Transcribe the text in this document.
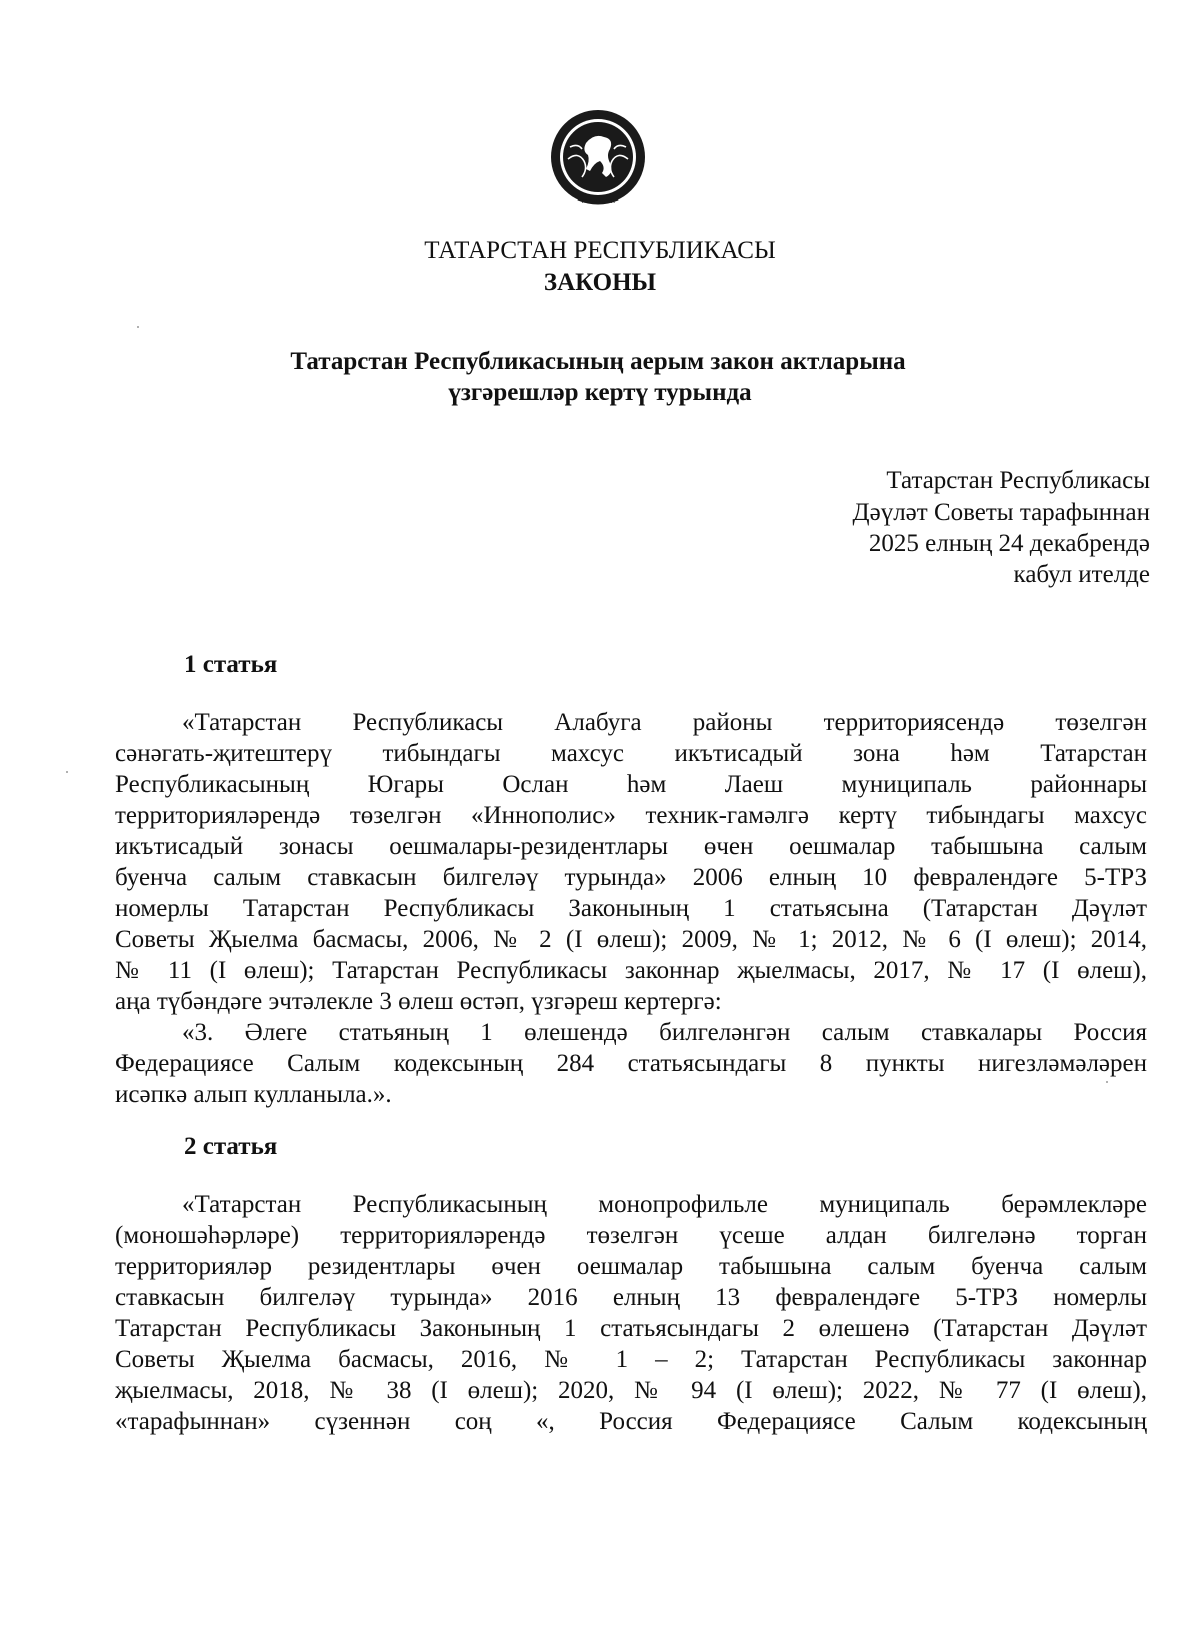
ТАТАРСТАН
ТАТАРСТАН РЕСПУБЛИКАСЫ
ЗАКОНЫ
Татарстан Республикасының аерым закон актларына
үзгәрешләр кертү турында
Татарстан Республикасы
Дәүләт Советы тарафыннан
2025 елның 24 декабрендә
кабул ителде
1 статья
«Татарстан Республикасы Алабуга районы территориясендә төзелгән
сәнәгать-җитештерү тибындагы махсус икътисадый зона һәм Татарстан
Республикасының Югары Ослан һәм Лаеш муниципаль районнары
территорияләрендә төзелгән «Иннополис» техник-гамәлгә кертү тибындагы махсус
икътисадый зонасы оешмалары-резидентлары өчен оешмалар табышына салым
буенча салым ставкасын билгеләү турында» 2006 елның 10 февралендәге 5-ТРЗ
номерлы Татарстан Республикасы Законының 1 статьясына (Татарстан Дәүләт
Советы Җыелма басмасы, 2006, № 2 (I өлеш); 2009, № 1; 2012, № 6 (I өлеш); 2014,
№ 11 (I өлеш); Татарстан Республикасы законнар җыелмасы, 2017, № 17 (I өлеш),
аңа түбәндәге эчтәлекле 3 өлеш өстәп, үзгәреш кертергә:
«3. Әлеге статьяның 1 өлешендә билгеләнгән салым ставкалары Россия
Федерациясе Салым кодексының 284 статьясындагы 8 пункты нигезләмәләрен
исәпкә алып кулланыла.».
2 статья
«Татарстан Республикасының монопрофильле муниципаль берәмлекләре
(моношәһәрләре) территорияләрендә төзелгән үсеше алдан билгеләнә торган
территорияләр резидентлары өчен оешмалар табышына салым буенча салым
ставкасын билгеләү турында» 2016 елның 13 февралендәге 5-ТРЗ номерлы
Татарстан Республикасы Законының 1 статьясындагы 2 өлешенә (Татарстан Дәүләт
Советы Җыелма басмасы, 2016, № 1 – 2; Татарстан Республикасы законнар
җыелмасы, 2018, № 38 (I өлеш); 2020, № 94 (I өлеш); 2022, № 77 (I өлеш),
«тарафыннан» сүзеннән соң «, Россия Федерациясе Салым кодексының
